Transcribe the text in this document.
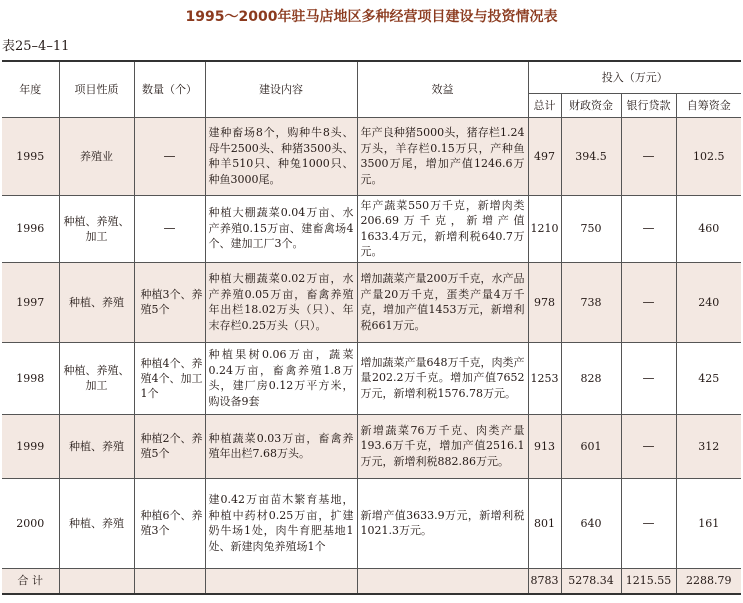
1995～2000年驻马店地区多种经营项目建设与投资情况表
表25–4–11
年度	项目性质	数量（个）	建设内容	效益	投入（万元）			
					总计	财政资金	银行贷款	自筹资金
1995	养殖业	—	建种畜场8个，购种牛8头、母牛2500头、种猪3500头、种羊510只、种兔1000只、种鱼3000尾。	年产良种猪5000头，猪存栏1.24万头，羊存栏0.15万只，产种鱼3500万尾，增加产值1246.6万元。	497	394.5	—	102.5
1996	种植、养殖、加工	—	种植大棚蔬菜0.04万亩、水产养殖0.15万亩、建畜禽场4个、建加工厂3个。	年产蔬菜550万千克，新增肉类206.69万千克，新增产值1633.4万元，新增利税640.7万元。	1210	750	—	460
1997	种植、养殖	种植3个、养殖5个	种植大棚蔬菜0.02万亩，水产养殖0.05万亩，畜禽养殖年出栏18.02万头（只）、年末存栏0.25万头（只）。	增加蔬菜产量200万千克，水产品产量20万千克，蛋类产量4万千克，增加产值1453万元，新增利税661万元。	978	738	—	240
1998	种植、养殖、加工	种植4个、养殖4个、加工1个	种植果树0.06万亩，蔬菜0.24万亩，畜禽养殖1.8万头，建厂房0.12万平方米，购设备9套	增加蔬菜产量648万千克，肉类产量202.2万千克。增加产值7652万元，新增利税1576.78万元。	1253	828	—	425
1999	种植、养殖	种植2个、养殖5个	种植蔬菜0.03万亩，畜禽养殖年出栏7.68万头。	新增蔬菜76万千克、肉类产量193.6万千克，增加产值2516.1万元，新增利税882.86万元。	913	601	—	312
2000	种植、养殖	种植6个、养殖3个	建0.42万亩苗木繁育基地，种植中药材0.25万亩，扩建奶牛场1处，肉牛育肥基地1处、新建肉兔养殖场1个	新增产值3633.9万元，新增利税1021.3万元。	801	640	—	161
合 计					8783	5278.34	1215.55	2288.79
